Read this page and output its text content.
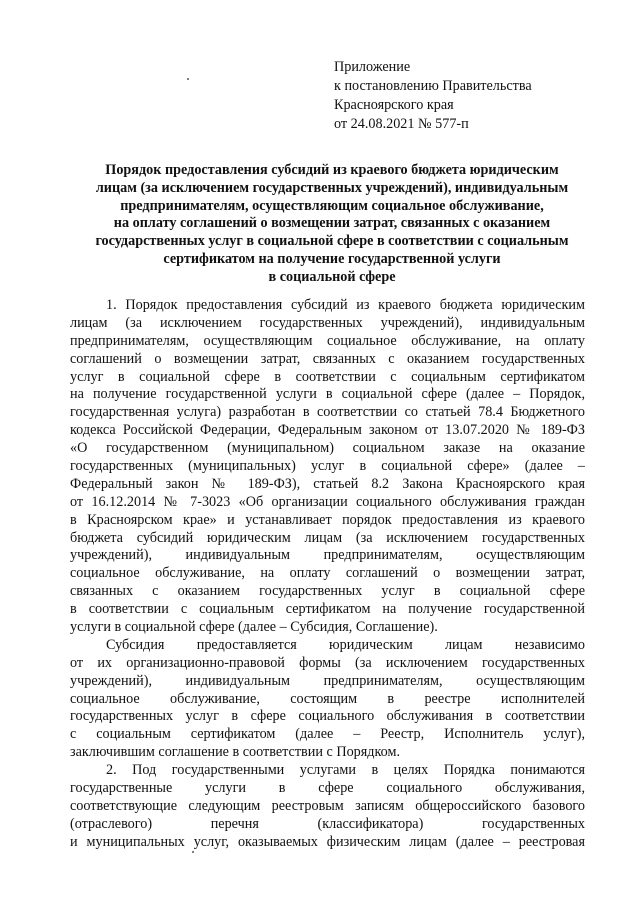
Приложение
к постановлению Правительства
Красноярского края
от 24.08.2021 № 577-п
Порядок предоставления субсидий из краевого бюджета юридическим
лицам (за исключением государственных учреждений), индивидуальным
предпринимателям, осуществляющим социальное обслуживание,
на оплату соглашений о возмещении затрат, связанных с оказанием
государственных услуг в социальной сфере в соответствии с социальным
сертификатом на получение государственной услуги
в социальной сфере
1. Порядок предоставления субсидий из краевого бюджета юридическим
лицам (за исключением государственных учреждений), индивидуальным
предпринимателям, осуществляющим социальное обслуживание, на оплату
соглашений о возмещении затрат, связанных с оказанием государственных
услуг в социальной сфере в соответствии с социальным сертификатом
на получение государственной услуги в социальной сфере (далее – Порядок,
государственная услуга) разработан в соответствии со статьей 78.4 Бюджетного
кодекса Российской Федерации, Федеральным законом от 13.07.2020 № 189-ФЗ
«О государственном (муниципальном) социальном заказе на оказание
государственных (муниципальных) услуг в социальной сфере» (далее –
Федеральный закон № 189-ФЗ), статьей 8.2 Закона Красноярского края
от 16.12.2014 № 7-3023 «Об организации социального обслуживания граждан
в Красноярском крае» и устанавливает порядок предоставления из краевого
бюджета субсидий юридическим лицам (за исключением государственных
учреждений), индивидуальным предпринимателям, осуществляющим
социальное обслуживание, на оплату соглашений о возмещении затрат,
связанных с оказанием государственных услуг в социальной сфере
в соответствии с социальным сертификатом на получение государственной
услуги в социальной сфере (далее – Субсидия, Соглашение).
Субсидия предоставляется юридическим лицам независимо
от их организационно-правовой формы (за исключением государственных
учреждений), индивидуальным предпринимателям, осуществляющим
социальное обслуживание, состоящим в реестре исполнителей
государственных услуг в сфере социального обслуживания в соответствии
с социальным сертификатом (далее – Реестр, Исполнитель услуг),
заключившим соглашение в соответствии с Порядком.
2. Под государственными услугами в целях Порядка понимаются
государственные услуги в сфере социального обслуживания,
соответствующие следующим реестровым записям общероссийского базового
(отраслевого) перечня (классификатора) государственных
и муниципальных услуг, оказываемых физическим лицам (далее – реестровая
